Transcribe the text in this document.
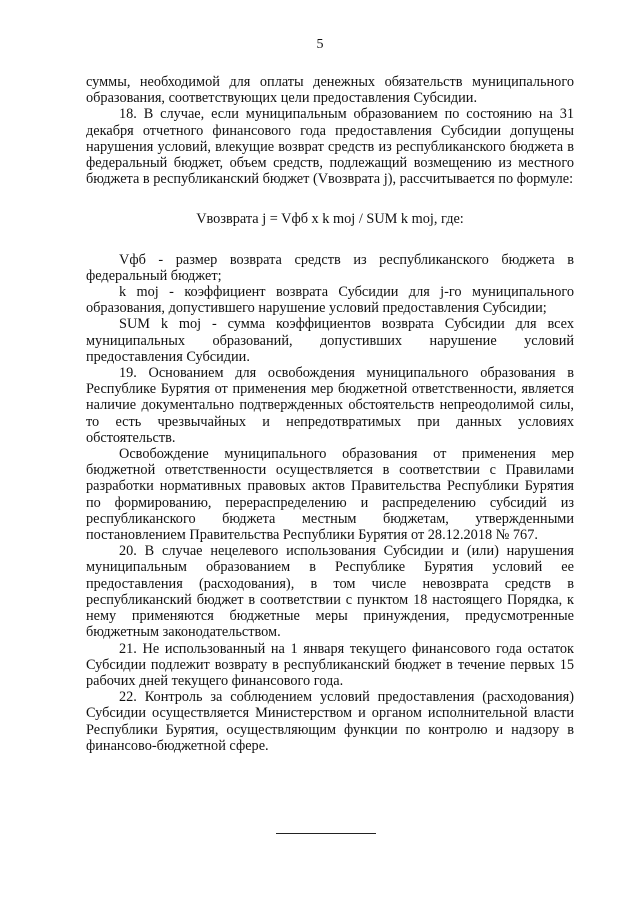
5

суммы, необходимой для оплаты денежных обязательств муниципального образования, соответствующих цели предоставления Субсидии.

18. В случае, если муниципальным образованием по состоянию на 31 декабря отчетного финансового года предоставления Субсидии допущены нарушения условий, влекущие возврат средств из республиканского бюджета в федеральный бюджет, объем средств, подлежащий возмещению из местного бюджета в республиканский бюджет (Vвозврата j), рассчитывается по формуле:

Vвозврата j = Vфб x k moj / SUM k moj, где:

Vфб - размер возврата средств из республиканского бюджета в федеральный бюджет;

k moj - коэффициент возврата Субсидии для j-го муниципального образования, допустившего нарушение условий предоставления Субсидии;

SUM k moj - сумма коэффициентов возврата Субсидии для всех муниципальных образований, допустивших нарушение условий предоставления Субсидии.

19. Основанием для освобождения муниципального образования в Республике Бурятия от применения мер бюджетной ответственности, является наличие документально подтвержденных обстоятельств непреодолимой силы, то есть чрезвычайных и непредотвратимых при данных условиях обстоятельств.

Освобождение муниципального образования от применения мер бюджетной ответственности осуществляется в соответствии с Правилами разработки нормативных правовых актов Правительства Республики Бурятия по формированию, перераспределению и распределению субсидий из республиканского бюджета местным бюджетам, утвержденными постановлением Правительства Республики Бурятия от 28.12.2018 № 767.

20. В случае нецелевого использования Субсидии и (или) нарушения муниципальным образованием в Республике Бурятия условий ее предоставления (расходования), в том числе невозврата средств в республиканский бюджет в соответствии с пунктом 18 настоящего Порядка, к нему применяются бюджетные меры принуждения, предусмотренные бюджетным законодательством.

21. Не использованный на 1 января текущего финансового года остаток Субсидии подлежит возврату в республиканский бюджет в течение первых 15 рабочих дней текущего финансового года.

22. Контроль за соблюдением условий предоставления (расходования) Субсидии осуществляется Министерством и органом исполнительной власти Республики Бурятия, осуществляющим функции по контролю и надзору в финансово-бюджетной сфере.
